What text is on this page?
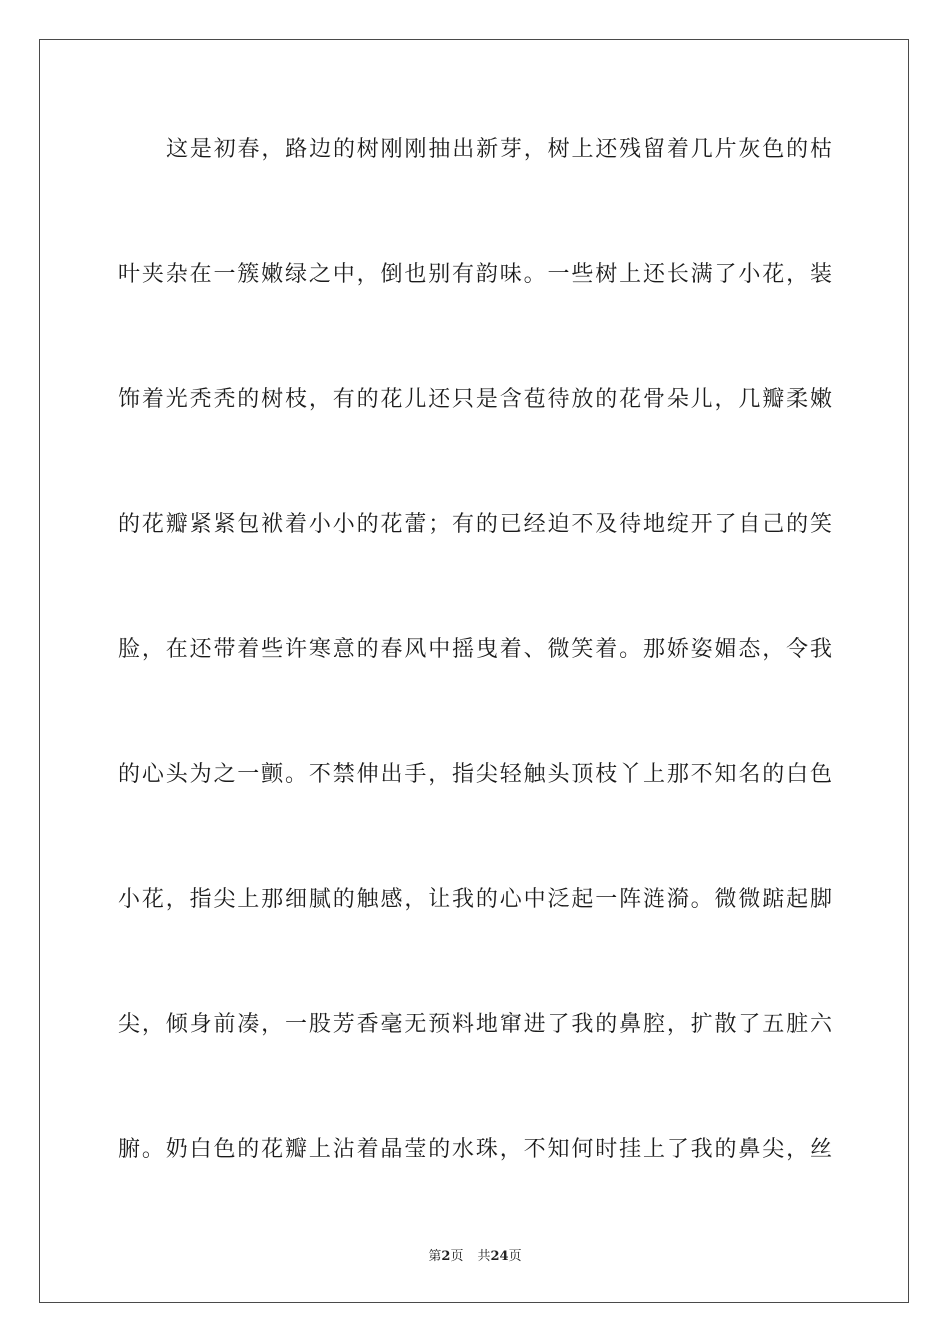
这是初春，路边的树刚刚抽出新芽，树上还残留着几片灰色的枯
叶夹杂在一簇嫩绿之中，倒也别有韵味。一些树上还长满了小花，装
饰着光秃秃的树枝，有的花儿还只是含苞待放的花骨朵儿，几瓣柔嫩
的花瓣紧紧包袱着小小的花蕾；有的已经迫不及待地绽开了自己的笑
脸，在还带着些许寒意的春风中摇曳着、微笑着。那娇姿媚态，令我
的心头为之一颤。不禁伸出手，指尖轻触头顶枝丫上那不知名的白色
小花，指尖上那细腻的触感，让我的心中泛起一阵涟漪。微微踮起脚
尖，倾身前凑，一股芳香毫无预料地窜进了我的鼻腔，扩散了五脏六
腑。奶白色的花瓣上沾着晶莹的水珠，不知何时挂上了我的鼻尖，丝
第2页 共24页
